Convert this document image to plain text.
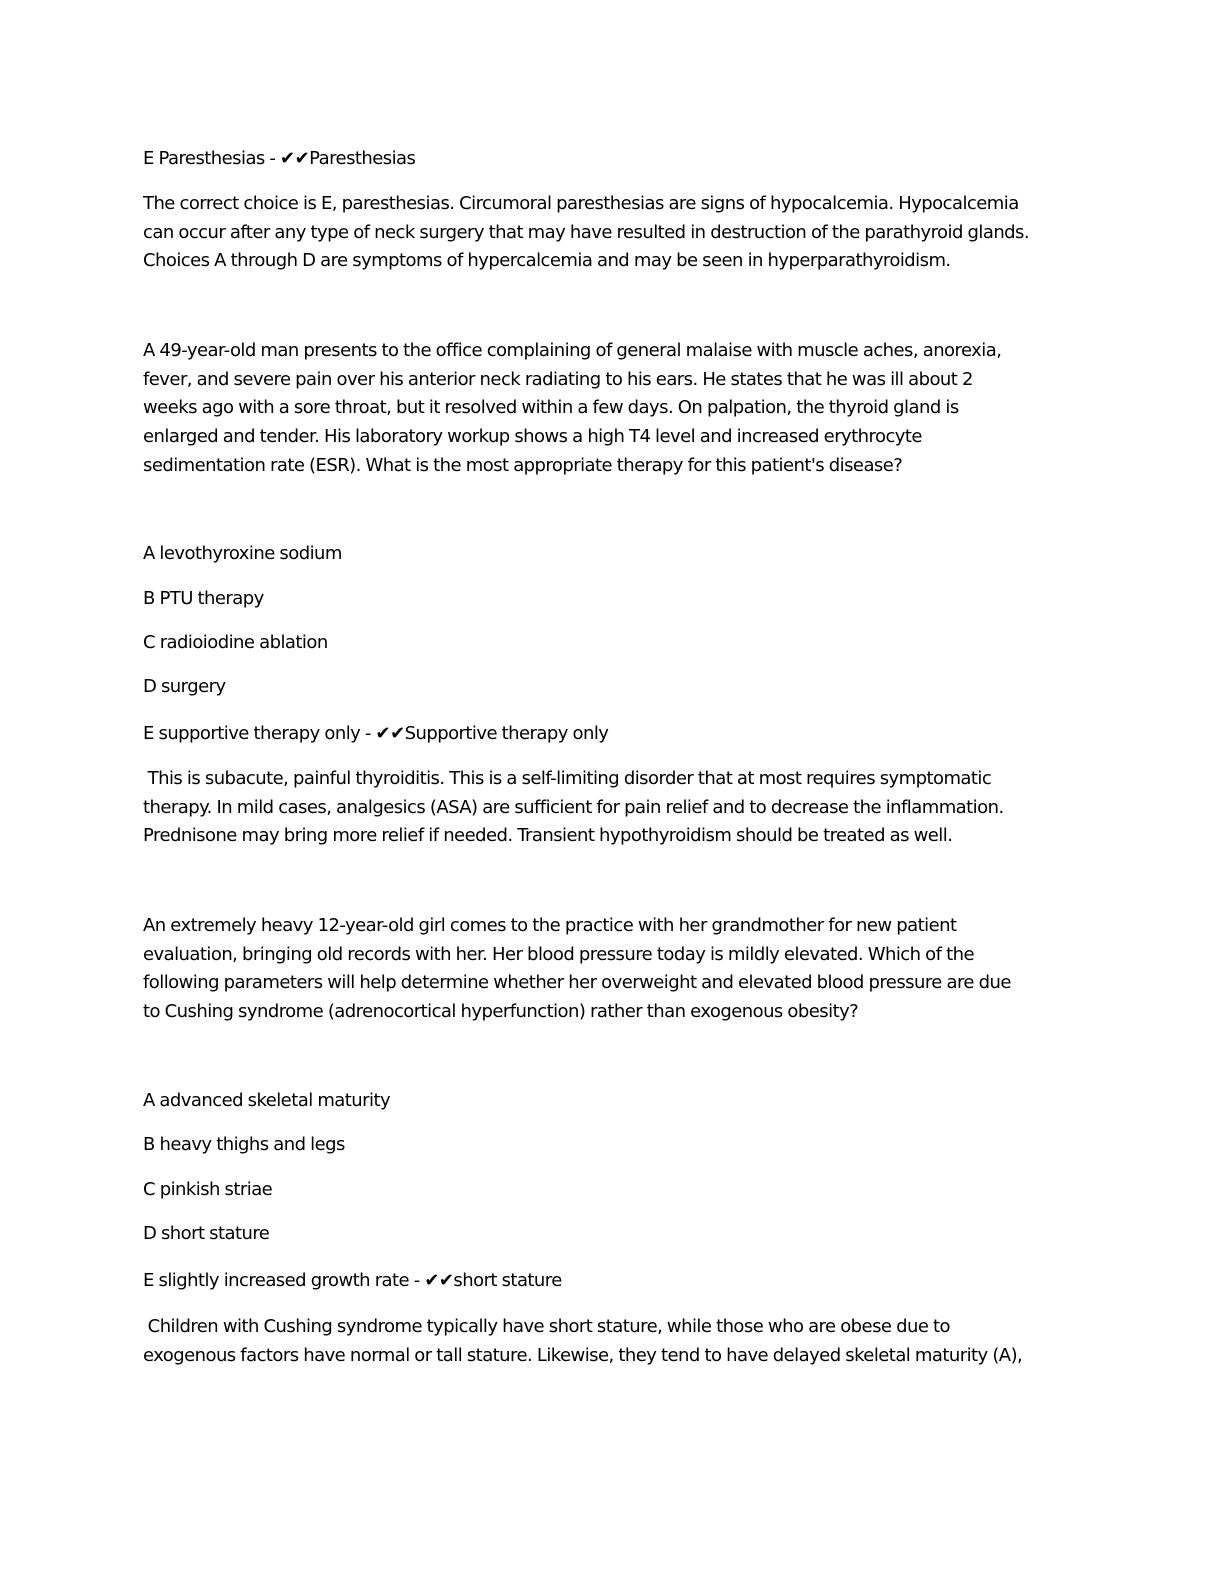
E Paresthesias - ✔✔Paresthesias
The correct choice is E, paresthesias. Circumoral paresthesias are signs of hypocalcemia. Hypocalcemia
can occur after any type of neck surgery that may have resulted in destruction of the parathyroid glands.
Choices A through D are symptoms of hypercalcemia and may be seen in hyperparathyroidism.
A 49-year-old man presents to the office complaining of general malaise with muscle aches, anorexia,
fever, and severe pain over his anterior neck radiating to his ears. He states that he was ill about 2
weeks ago with a sore throat, but it resolved within a few days. On palpation, the thyroid gland is
enlarged and tender. His laboratory workup shows a high T4 level and increased erythrocyte
sedimentation rate (ESR). What is the most appropriate therapy for this patient's disease?
A levothyroxine sodium
B PTU therapy
C radioiodine ablation
D surgery
E supportive therapy only - ✔✔Supportive therapy only
This is subacute, painful thyroiditis. This is a self-limiting disorder that at most requires symptomatic
therapy. In mild cases, analgesics (ASA) are sufficient for pain relief and to decrease the inflammation.
Prednisone may bring more relief if needed. Transient hypothyroidism should be treated as well.
An extremely heavy 12-year-old girl comes to the practice with her grandmother for new patient
evaluation, bringing old records with her. Her blood pressure today is mildly elevated. Which of the
following parameters will help determine whether her overweight and elevated blood pressure are due
to Cushing syndrome (adrenocortical hyperfunction) rather than exogenous obesity?
A advanced skeletal maturity
B heavy thighs and legs
C pinkish striae
D short stature
E slightly increased growth rate - ✔✔short stature
Children with Cushing syndrome typically have short stature, while those who are obese due to
exogenous factors have normal or tall stature. Likewise, they tend to have delayed skeletal maturity (A),
